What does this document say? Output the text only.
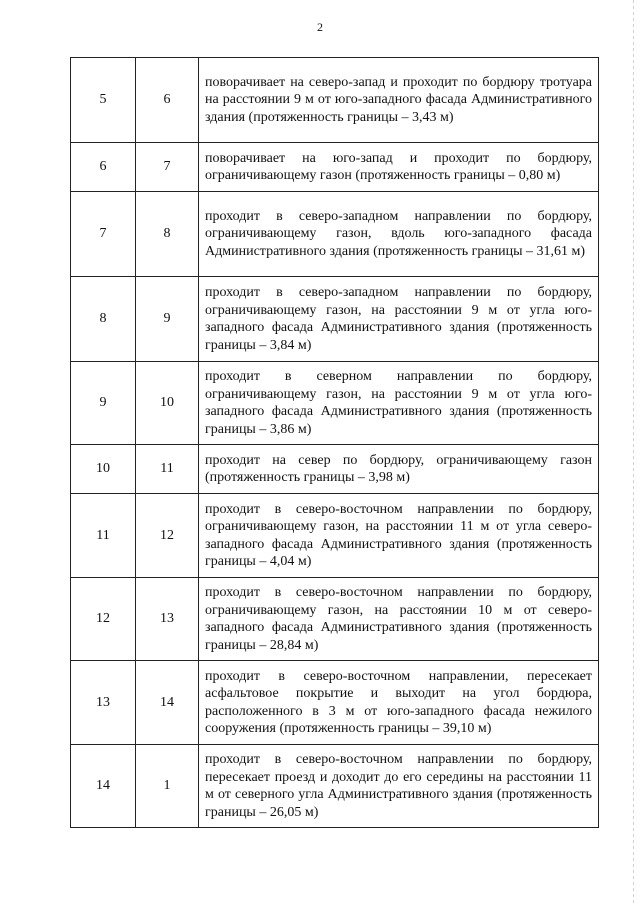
2
5	6	поворачивает на северо-запад и проходит по бордюру тротуара на расстоянии 9 м от юго-западного фасада Административного здания (протяженность границы – 3,43 м)
6	7	поворачивает на юго-запад и проходит по бордюру, ограничивающему газон (протяженность границы – 0,80 м)
7	8	проходит в северо-западном направлении по бордюру, ограничивающему газон, вдоль юго-западного фасада Административного здания (протяженность границы – 31,61 м)
8	9	проходит в северо-западном направлении по бордюру, ограничивающему газон, на расстоянии 9 м от угла юго-западного фасада Административного здания (протяженность границы – 3,84 м)
9	10	проходит в северном направлении по бордюру, ограничивающему газон, на расстоянии 9 м от угла юго-западного фасада Административного здания (протяженность границы – 3,86 м)
10	11	проходит на север по бордюру, ограничивающему газон (протяженность границы – 3,98 м)
11	12	проходит в северо-восточном направлении по бордюру, ограничивающему газон, на расстоянии 11 м от угла северо-западного фасада Административного здания (протяженность границы – 4,04 м)
12	13	проходит в северо-восточном направлении по бордюру, ограничивающему газон, на расстоянии 10 м от северо-западного фасада Административного здания (протяженность границы – 28,84 м)
13	14	проходит в северо-восточном направлении, пересекает асфальтовое покрытие и выходит на угол бордюра, расположенного в 3 м от юго-западного фасада нежилого сооружения (протяженность границы – 39,10 м)
14	1	проходит в северо-восточном направлении по бордюру, пересекает проезд и доходит до его середины на расстоянии 11 м от северного угла Административного здания (протяженность границы – 26,05 м)
